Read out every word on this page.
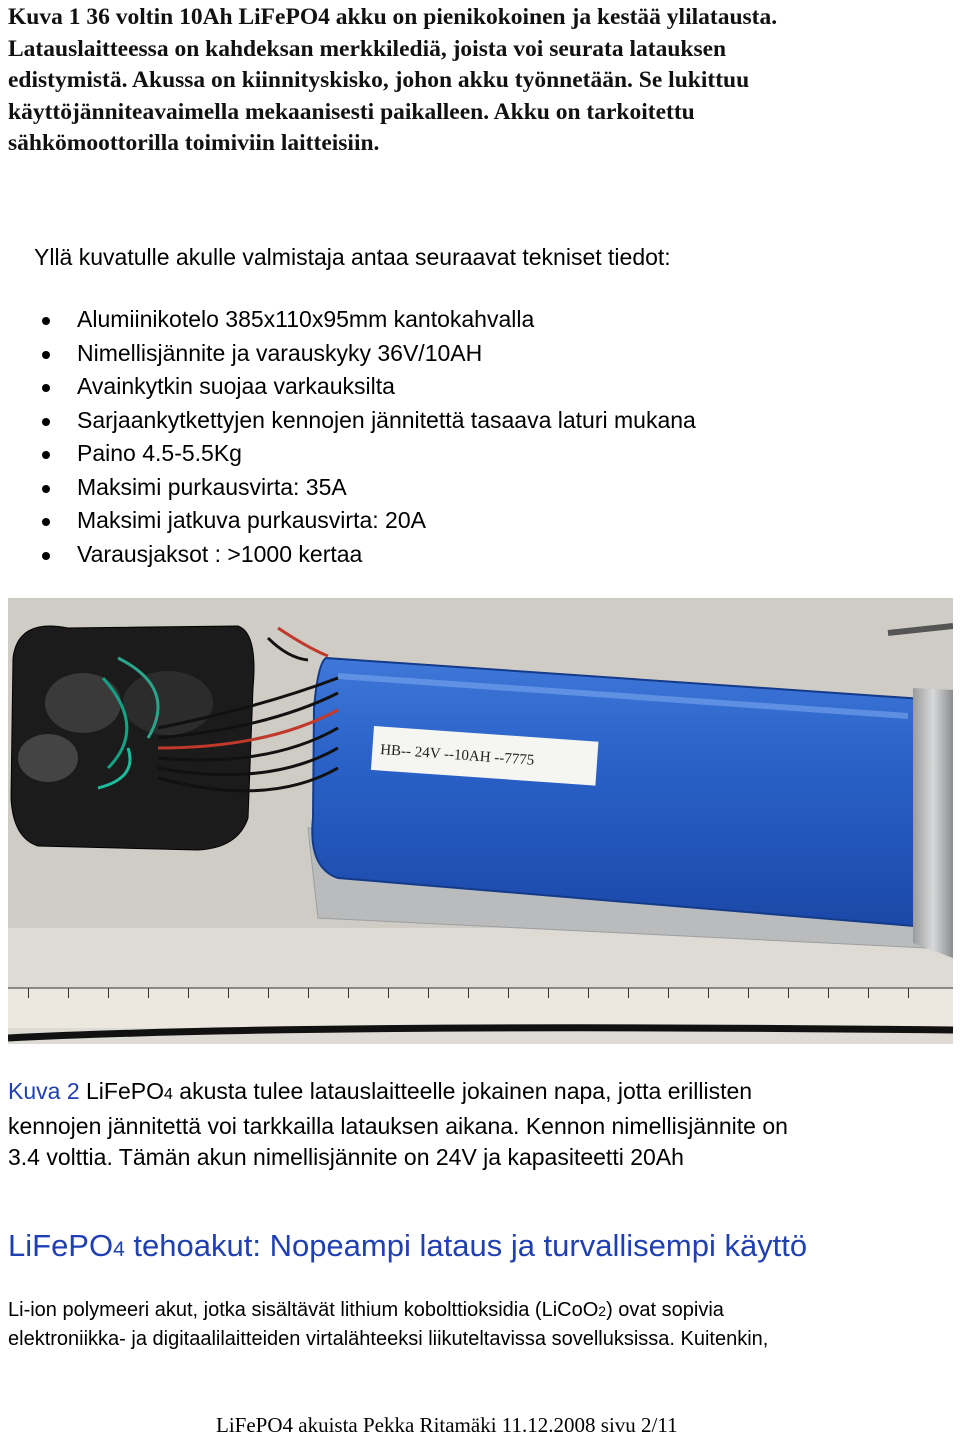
Kuva 1 36 voltin 10Ah LiFePO4 akku on pienikokoinen ja kestää ylilatausta.
Latauslaitteessa on kahdeksan merkkilediä, joista voi seurata latauksen
edistymistä. Akussa on kiinnityskisko, johon akku työnnetään. Se lukittuu
käyttöjänniteavaimella mekaanisesti paikalleen. Akku on tarkoitettu
sähkömoottorilla toimiviin laitteisiin.
Yllä kuvatulle akulle valmistaja antaa seuraavat tekniset tiedot:
Alumiinikotelo 385x110x95mm kantokahvalla
Nimellisjännite ja varauskyky 36V/10AH
Avainkytkin suojaa varkauksilta
Sarjaankytkettyjen kennojen jännitettä tasaava laturi mukana
Paino 4.5-5.5Kg
Maksimi purkausvirta: 35A
Maksimi jatkuva purkausvirta: 20A
Varausjaksot : >1000 kertaa
HB-- 24V --10AH --7775
Kuva 2 LiFePO4 akusta tulee latauslaitteelle jokainen napa, jotta erillisten
kennojen jännitettä voi tarkkailla latauksen aikana. Kennon nimellisjännite on
3.4 volttia. Tämän akun nimellisjännite on 24V ja kapasiteetti 20Ah
LiFePO4 tehoakut: Nopeampi lataus ja turvallisempi käyttö
Li-ion polymeeri akut, jotka sisältävät lithium kobolttioksidia (LiCoO2) ovat sopivia
elektroniikka- ja digitaalilaitteiden virtalähteeksi liikuteltavissa sovelluksissa. Kuitenkin,
LiFePO4 akuista Pekka Ritamäki 11.12.2008 sivu 2/11
